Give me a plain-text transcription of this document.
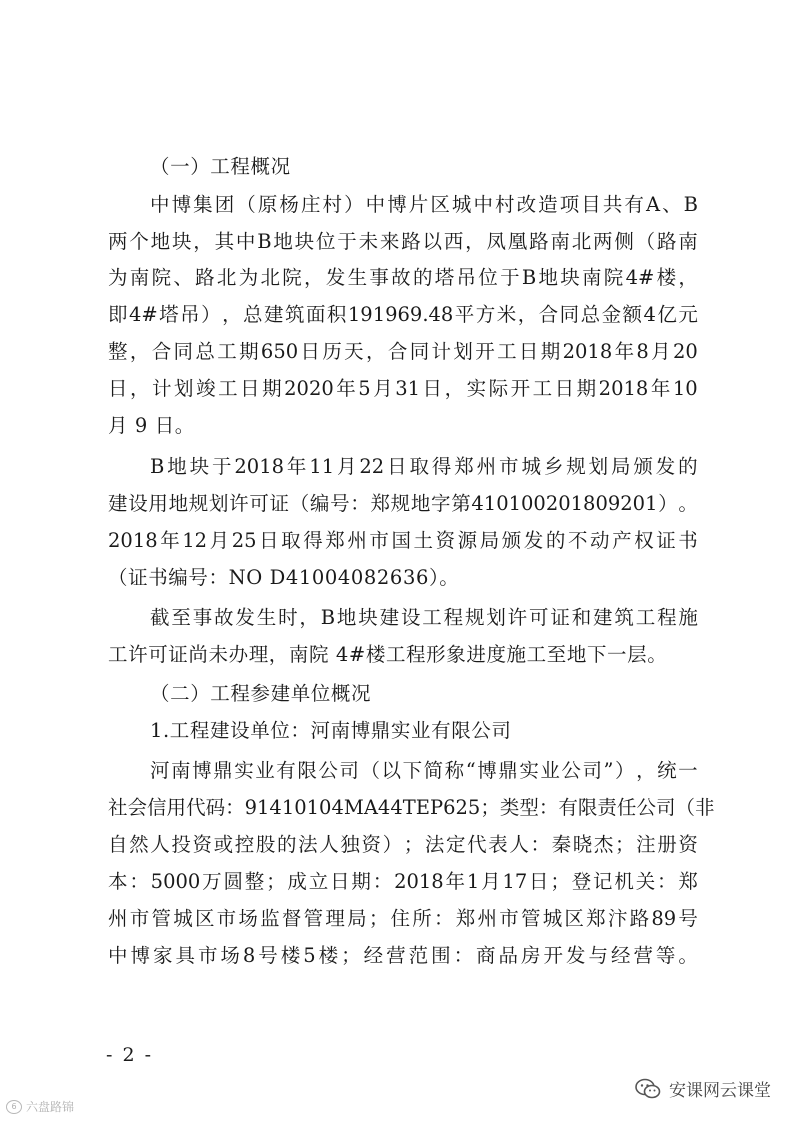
（一）工程概况
中 博 集 团 （ 原 杨 庄 村 ） 中 博 片 区 城 中 村 改 造 项 目 共 有 A 、 B
两 个 地 块 ， 其 中 B 地 块 位 于 未 来 路 以 西 ， 凤 凰 路 南 北 两 侧 （ 路 南
为 南 院 、 路 北 为 北 院 ， 发 生 事 故 的 塔 吊 位 于 B 地 块 南 院 4# 楼 ，
即 4# 塔 吊 ） ， 总 建 筑 面 积 191969.48 平 方 米 ， 合 同 总 金 额 4 亿 元
整 ， 合 同 总 工 期 650 日 历 天 ， 合 同 计 划 开 工 日 期 2018 年 8 月 20
日 ， 计 划 竣 工 日 期 2020 年 5 月 31 日 ， 实 际 开 工 日 期 2018 年 10
月 9 日。
B 地 块 于 2018 年 11 月 22 日 取 得 郑 州 市 城 乡 规 划 局 颁 发 的
建 设 用 地 规 划 许 可 证 （ 编 号 ： 郑 规 地 字 第 410100201809201 ） 。
2018 年 12 月 25 日 取 得 郑 州 市 国 土 资 源 局 颁 发 的 不 动 产 权 证 书
（证书编号：NO D41004082636）。
截 至 事 故 发 生 时 ， B 地 块 建 设 工 程 规 划 许 可 证 和 建 筑 工 程 施
工许可证尚未办理，南院 4#楼工程形象进度施工至地下一层。
（二）工程参建单位概况
1.工程建设单位：河南博鼎实业有限公司
河 南 博 鼎 实 业 有 限 公 司 （ 以 下 简 称 “ 博 鼎 实 业 公 司 ” ） ， 统 一
社 会 信 用 代 码 ： 91410104MA44TEP625 ； 类 型 ： 有 限 责 任 公 司 （ 非
自 然 人 投 资 或 控 股 的 法 人 独 资 ） ； 法 定 代 表 人 ： 秦 晓 杰 ； 注 册 资
本 ： 5000 万 圆 整 ； 成 立 日 期 ： 2018 年 1 月 17 日 ； 登 记 机 关 ： 郑
州 市 管 城 区 市 场 监 督 管 理 局 ； 住 所 ： 郑 州 市 管 城 区 郑 汴 路 89 号
中 博 家 具 市 场 8 号 楼 5 楼 ； 经 营 范 围 ： 商 品 房 开 发 与 经 营 等 。
- 2 -
6 六盘路锦
安课网云课堂
